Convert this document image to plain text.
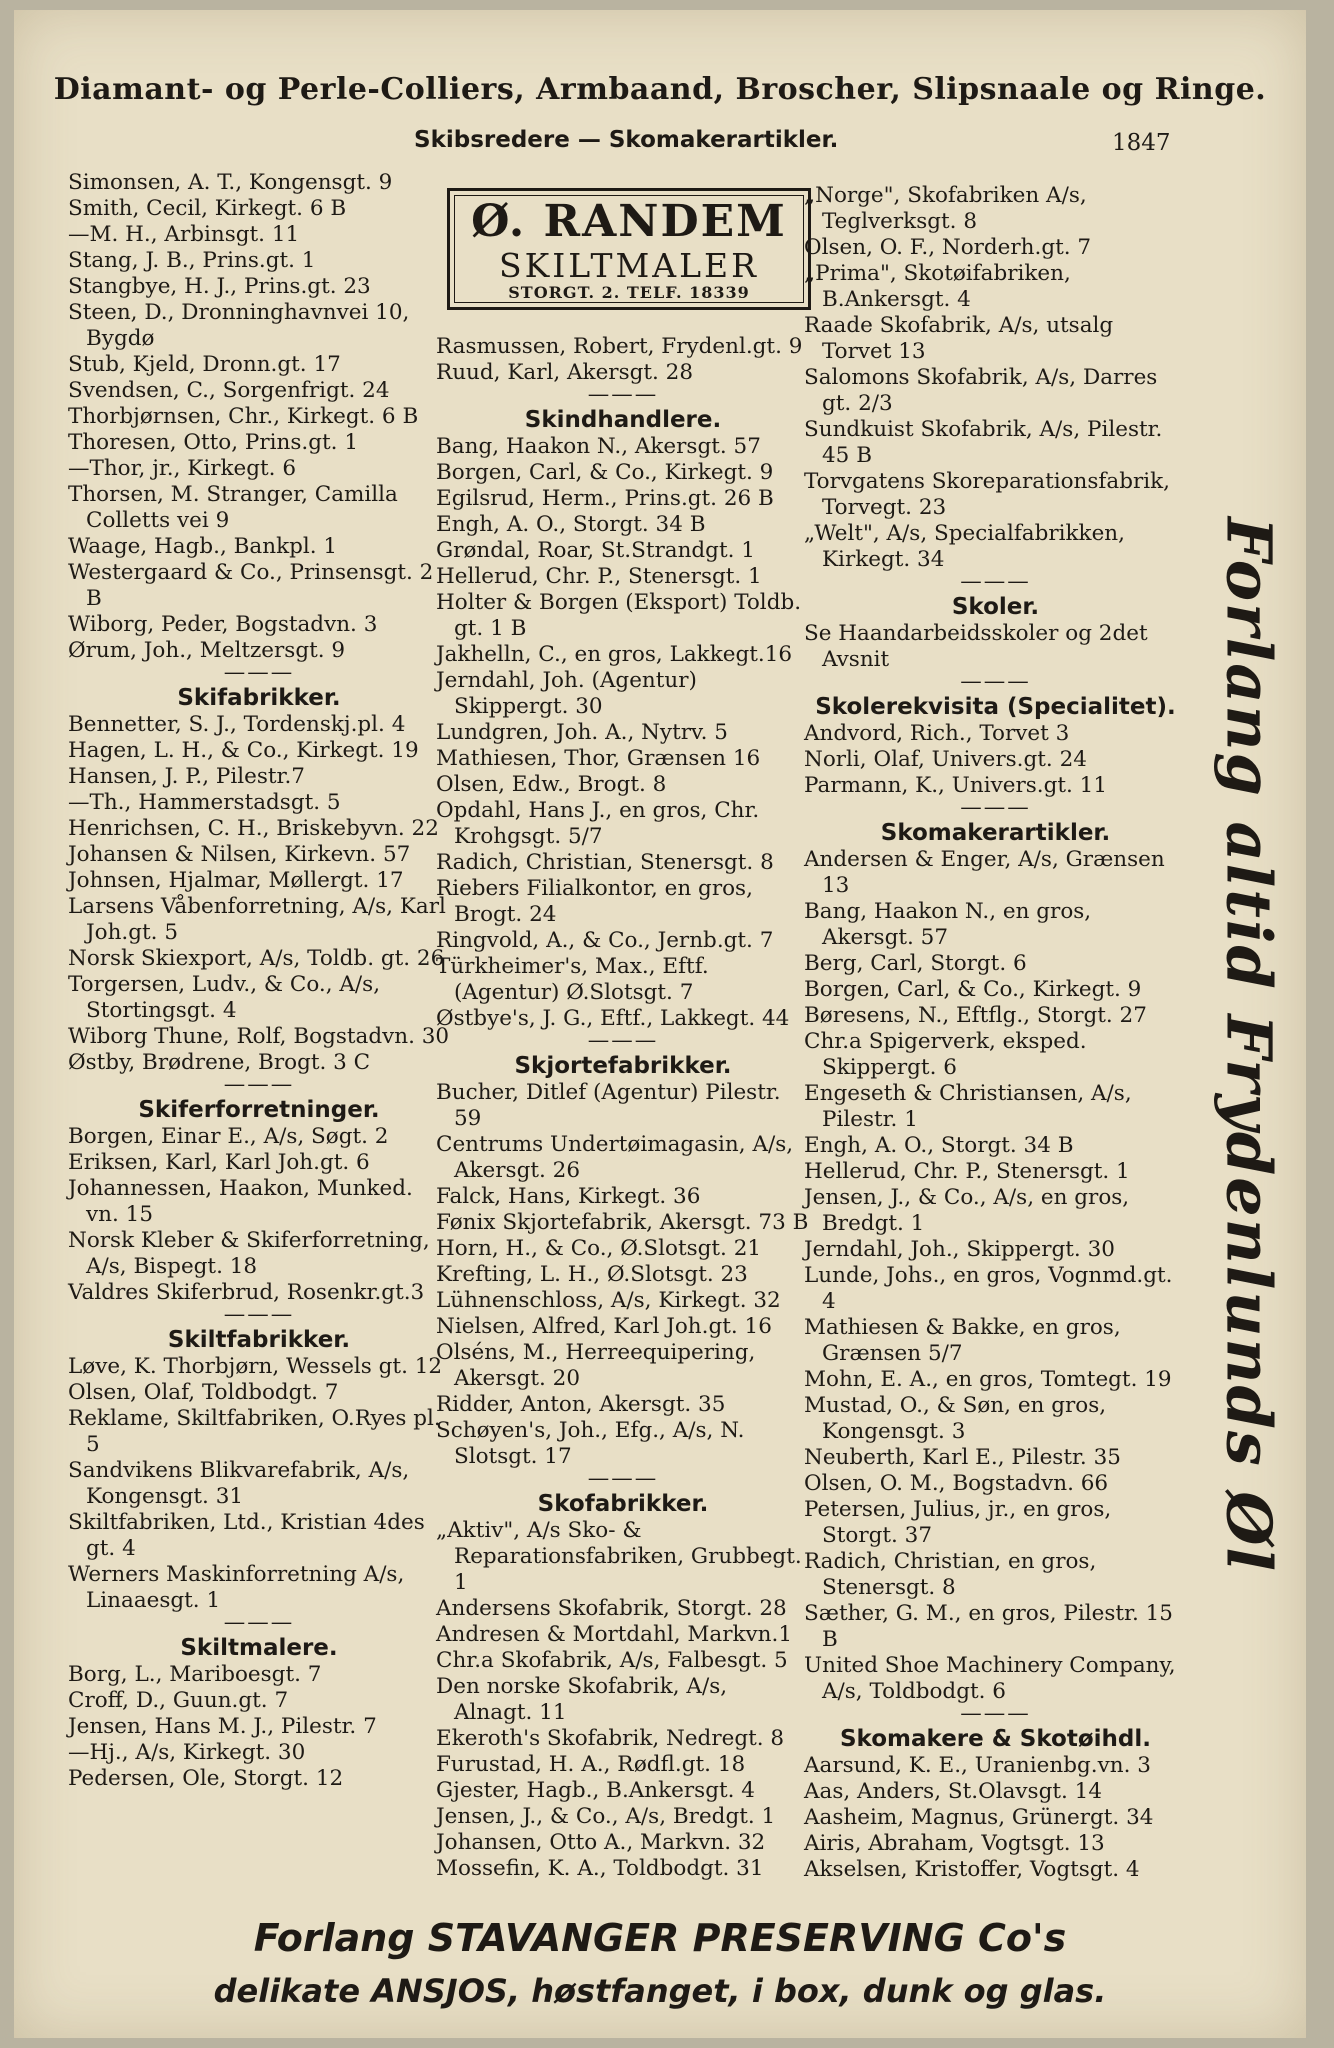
Diamant- og Perle-Colliers, Armbaand, Broscher, Slipsnaale og Ringe.
Skibsredere — Skomakerartikler.	1847
Ø. RANDEM
SKILTMALER
STORGT. 2. TELF. 18339
Simonsen, A. T., Kongensgt. 9
Smith, Cecil, Kirkegt. 6 B
—M. H., Arbinsgt. 11
Stang, J. B., Prins.gt. 1
Stangbye, H. J., Prins.gt. 23
Steen, D., Dronninghavnvei 10, Bygdø
Stub, Kjeld, Dronn.gt. 17
Svendsen, C., Sorgenfrigt. 24
Thorbjørnsen, Chr., Kirkegt. 6 B
Thoresen, Otto, Prins.gt. 1
—Thor, jr., Kirkegt. 6
Thorsen, M. Stranger, Camilla Colletts vei 9
Waage, Hagb., Bankpl. 1
Westergaard & Co., Prinsensgt. 2 B
Wiborg, Peder, Bogstadvn. 3
Ørum, Joh., Meltzersgt. 9
———
Skifabrikker.
Bennetter, S. J., Tordenskj.pl. 4
Hagen, L. H., & Co., Kirkegt. 19
Hansen, J. P., Pilestr.7
—Th., Hammerstadsgt. 5
Henrichsen, C. H., Briskebyvn. 22
Johansen & Nilsen, Kirkevn. 57
Johnsen, Hjalmar, Møllergt. 17
Larsens Våbenforretning, A/s, Karl Joh.gt. 5
Norsk Skiexport, A/s, Toldb. gt. 26
Torgersen, Ludv., & Co., A/s, Stortingsgt. 4
Wiborg Thune, Rolf, Bogstadvn. 30
Østby, Brødrene, Brogt. 3 C
———
Skiferforretninger.
Borgen, Einar E., A/s, Søgt. 2
Eriksen, Karl, Karl Joh.gt. 6
Johannessen, Haakon, Munked. vn. 15
Norsk Kleber & Skiferforretning, A/s, Bispegt. 18
Valdres Skiferbrud, Rosenkr.gt.3
———
Skiltfabrikker.
Løve, K. Thorbjørn, Wessels gt. 12
Olsen, Olaf, Toldbodgt. 7
Reklame, Skiltfabriken, O.Ryes pl. 5
Sandvikens Blikvarefabrik, A/s, Kongensgt. 31
Skiltfabriken, Ltd., Kristian 4des gt. 4
Werners Maskinforretning A/s, Linaaesgt. 1
———
Skiltmalere.
Borg, L., Mariboesgt. 7
Croff, D., Guun.gt. 7
Jensen, Hans M. J., Pilestr. 7
—Hj., A/s, Kirkegt. 30
Pedersen, Ole, Storgt. 12
Rasmussen, Robert, Frydenl.gt. 9
Ruud, Karl, Akersgt. 28
———
Skindhandlere.
Bang, Haakon N., Akersgt. 57
Borgen, Carl, & Co., Kirkegt. 9
Egilsrud, Herm., Prins.gt. 26 B
Engh, A. O., Storgt. 34 B
Grøndal, Roar, St.Strandgt. 1
Hellerud, Chr. P., Stenersgt. 1
Holter & Borgen (Eksport) Toldb. gt. 1 B
Jakhelln, C., en gros, Lakkegt.16
Jerndahl, Joh. (Agentur) Skippergt. 30
Lundgren, Joh. A., Nytrv. 5
Mathiesen, Thor, Grænsen 16
Olsen, Edw., Brogt. 8
Opdahl, Hans J., en gros, Chr. Krohgsgt. 5/7
Radich, Christian, Stenersgt. 8
Riebers Filialkontor, en gros, Brogt. 24
Ringvold, A., & Co., Jernb.gt. 7
Türkheimer's, Max., Eftf. (Agentur) Ø.Slotsgt. 7
Østbye's, J. G., Eftf., Lakkegt. 44
———
Skjortefabrikker.
Bucher, Ditlef (Agentur) Pilestr. 59
Centrums Undertøimagasin, A/s, Akersgt. 26
Falck, Hans, Kirkegt. 36
Fønix Skjortefabrik, Akersgt. 73 B
Horn, H., & Co., Ø.Slotsgt. 21
Krefting, L. H., Ø.Slotsgt. 23
Lühnenschloss, A/s, Kirkegt. 32
Nielsen, Alfred, Karl Joh.gt. 16
Olséns, M., Herreequipering, Akersgt. 20
Ridder, Anton, Akersgt. 35
Schøyen's, Joh., Efg., A/s, N. Slotsgt. 17
———
Skofabrikker.
„Aktiv", A/s Sko- & Reparationsfabriken, Grubbegt. 1
Andersens Skofabrik, Storgt. 28
Andresen & Mortdahl, Markvn.1
Chr.a Skofabrik, A/s, Falbesgt. 5
Den norske Skofabrik, A/s, Alnagt. 11
Ekeroth's Skofabrik, Nedregt. 8
Furustad, H. A., Rødfl.gt. 18
Gjester, Hagb., B.Ankersgt. 4
Jensen, J., & Co., A/s, Bredgt. 1
Johansen, Otto A., Markvn. 32
Mossefin, K. A., Toldbodgt. 31
„Norge", Skofabriken A/s, Teglverksgt. 8
Olsen, O. F., Norderh.gt. 7
„Prima", Skotøifabriken, B.Ankersgt. 4
Raade Skofabrik, A/s, utsalg Torvet 13
Salomons Skofabrik, A/s, Darres gt. 2/3
Sundkuist Skofabrik, A/s, Pilestr. 45 B
Torvgatens Skoreparationsfabrik, Torvegt. 23
„Welt", A/s, Specialfabrikken, Kirkegt. 34
———
Skoler.
Se Haandarbeidsskoler og 2det Avsnit
———
Skolerekvisita (Specialitet).
Andvord, Rich., Torvet 3
Norli, Olaf, Univers.gt. 24
Parmann, K., Univers.gt. 11
———
Skomakerartikler.
Andersen & Enger, A/s, Grænsen 13
Bang, Haakon N., en gros, Akersgt. 57
Berg, Carl, Storgt. 6
Borgen, Carl, & Co., Kirkegt. 9
Børesens, N., Eftflg., Storgt. 27
Chr.a Spigerverk, eksped. Skippergt. 6
Engeseth & Christiansen, A/s, Pilestr. 1
Engh, A. O., Storgt. 34 B
Hellerud, Chr. P., Stenersgt. 1
Jensen, J., & Co., A/s, en gros, Bredgt. 1
Jerndahl, Joh., Skippergt. 30
Lunde, Johs., en gros, Vognmd.gt. 4
Mathiesen & Bakke, en gros, Grænsen 5/7
Mohn, E. A., en gros, Tomtegt. 19
Mustad, O., & Søn, en gros, Kongensgt. 3
Neuberth, Karl E., Pilestr. 35
Olsen, O. M., Bogstadvn. 66
Petersen, Julius, jr., en gros, Storgt. 37
Radich, Christian, en gros, Stenersgt. 8
Sæther, G. M., en gros, Pilestr. 15 B
United Shoe Machinery Company, A/s, Toldbodgt. 6
———
Skomakere & Skotøihdl.
Aarsund, K. E., Uranienbg.vn. 3
Aas, Anders, St.Olavsgt. 14
Aasheim, Magnus, Grünergt. 34
Airis, Abraham, Vogtsgt. 13
Akselsen, Kristoffer, Vogtsgt. 4
Forlang altid Frydenlunds Øl
Forlang STAVANGER PRESERVING Co's
delikate ANSJOS, høstfanget, i box, dunk og glas.
